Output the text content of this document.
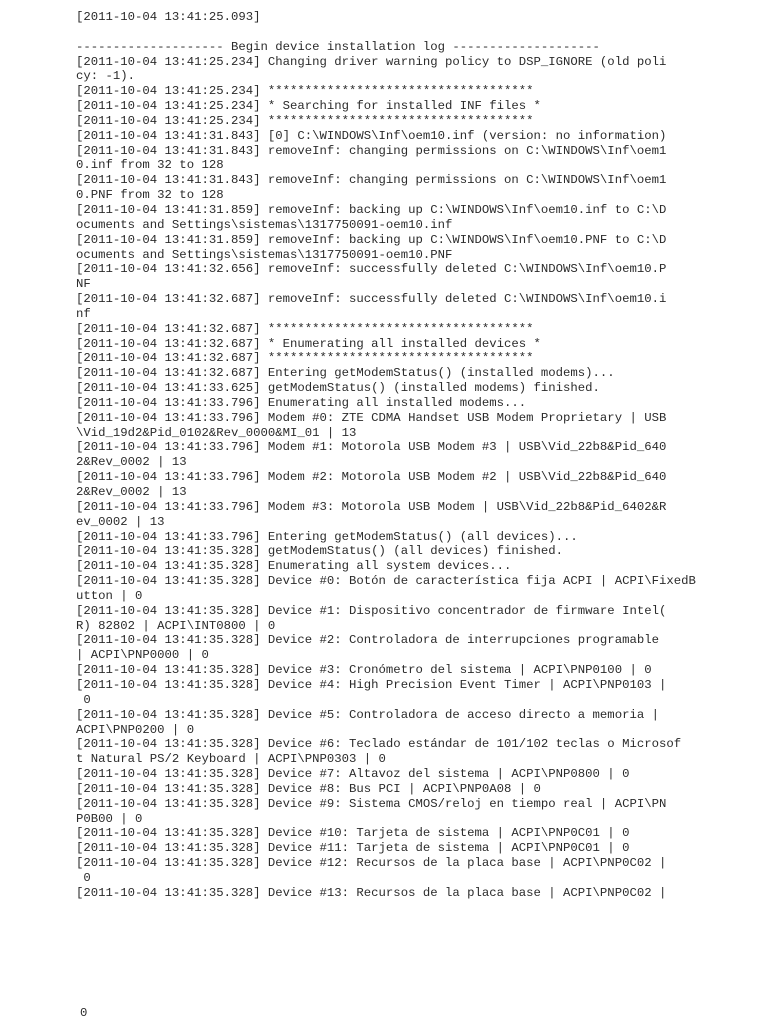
[2011-10-04 13:41:25.093]

-------------------- Begin device installation log --------------------
[2011-10-04 13:41:25.234] Changing driver warning policy to DSP_IGNORE (old poli
cy: -1).
[2011-10-04 13:41:25.234] ************************************
[2011-10-04 13:41:25.234] * Searching for installed INF files *
[2011-10-04 13:41:25.234] ************************************
[2011-10-04 13:41:31.843] [0] C:\WINDOWS\Inf\oem10.inf (version: no information)
[2011-10-04 13:41:31.843] removeInf: changing permissions on C:\WINDOWS\Inf\oem1
0.inf from 32 to 128
[2011-10-04 13:41:31.843] removeInf: changing permissions on C:\WINDOWS\Inf\oem1
0.PNF from 32 to 128
[2011-10-04 13:41:31.859] removeInf: backing up C:\WINDOWS\Inf\oem10.inf to C:\D
ocuments and Settings\sistemas\1317750091-oem10.inf
[2011-10-04 13:41:31.859] removeInf: backing up C:\WINDOWS\Inf\oem10.PNF to C:\D
ocuments and Settings\sistemas\1317750091-oem10.PNF
[2011-10-04 13:41:32.656] removeInf: successfully deleted C:\WINDOWS\Inf\oem10.P
NF
[2011-10-04 13:41:32.687] removeInf: successfully deleted C:\WINDOWS\Inf\oem10.i
nf
[2011-10-04 13:41:32.687] ************************************
[2011-10-04 13:41:32.687] * Enumerating all installed devices *
[2011-10-04 13:41:32.687] ************************************
[2011-10-04 13:41:32.687] Entering getModemStatus() (installed modems)...
[2011-10-04 13:41:33.625] getModemStatus() (installed modems) finished.
[2011-10-04 13:41:33.796] Enumerating all installed modems...
[2011-10-04 13:41:33.796] Modem #0: ZTE CDMA Handset USB Modem Proprietary | USB
\Vid_19d2&Pid_0102&Rev_0000&MI_01 | 13
[2011-10-04 13:41:33.796] Modem #1: Motorola USB Modem #3 | USB\Vid_22b8&Pid_640
2&Rev_0002 | 13
[2011-10-04 13:41:33.796] Modem #2: Motorola USB Modem #2 | USB\Vid_22b8&Pid_640
2&Rev_0002 | 13
[2011-10-04 13:41:33.796] Modem #3: Motorola USB Modem | USB\Vid_22b8&Pid_6402&R
ev_0002 | 13
[2011-10-04 13:41:33.796] Entering getModemStatus() (all devices)...
[2011-10-04 13:41:35.328] getModemStatus() (all devices) finished.
[2011-10-04 13:41:35.328] Enumerating all system devices...
[2011-10-04 13:41:35.328] Device #0: Botón de característica fija ACPI | ACPI\FixedB
utton | 0
[2011-10-04 13:41:35.328] Device #1: Dispositivo concentrador de firmware Intel(
R) 82802 | ACPI\INT0800 | 0
[2011-10-04 13:41:35.328] Device #2: Controladora de interrupciones programable
| ACPI\PNP0000 | 0
[2011-10-04 13:41:35.328] Device #3: Cronómetro del sistema | ACPI\PNP0100 | 0
[2011-10-04 13:41:35.328] Device #4: High Precision Event Timer | ACPI\PNP0103 |
0
[2011-10-04 13:41:35.328] Device #5: Controladora de acceso directo a memoria |
ACPI\PNP0200 | 0
[2011-10-04 13:41:35.328] Device #6: Teclado estándar de 101/102 teclas o Microsof
t Natural PS/2 Keyboard | ACPI\PNP0303 | 0
[2011-10-04 13:41:35.328] Device #7: Altavoz del sistema | ACPI\PNP0800 | 0
[2011-10-04 13:41:35.328] Device #8: Bus PCI | ACPI\PNP0A08 | 0
[2011-10-04 13:41:35.328] Device #9: Sistema CMOS/reloj en tiempo real | ACPI\PN
P0B00 | 0
[2011-10-04 13:41:35.328] Device #10: Tarjeta de sistema | ACPI\PNP0C01 | 0
[2011-10-04 13:41:35.328] Device #11: Tarjeta de sistema | ACPI\PNP0C01 | 0
[2011-10-04 13:41:35.328] Device #12: Recursos de la placa base | ACPI\PNP0C02 |
0
[2011-10-04 13:41:35.328] Device #13: Recursos de la placa base | ACPI\PNP0C02 |
0
